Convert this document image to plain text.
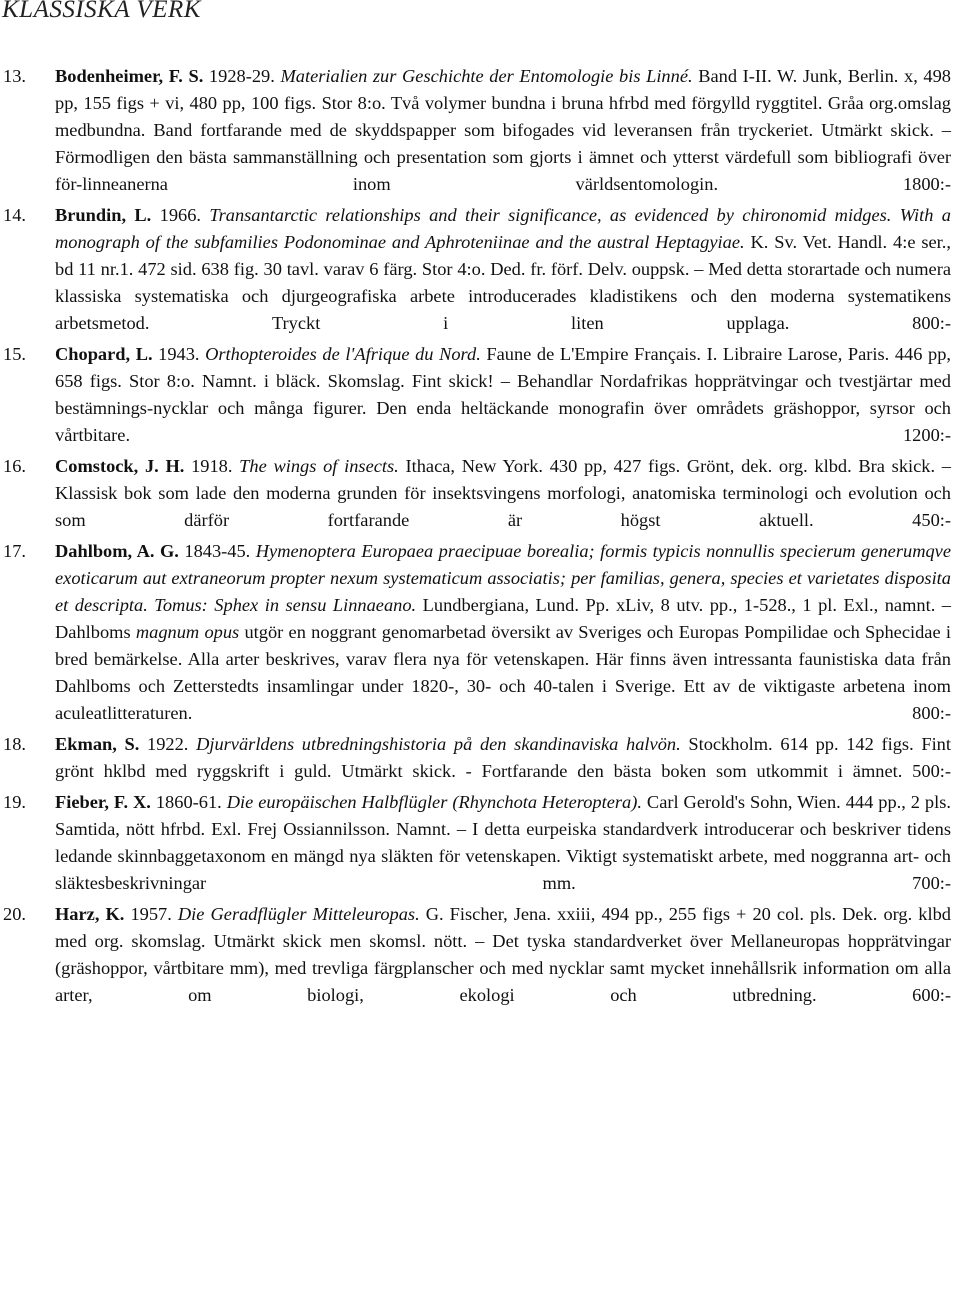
KLASSISKA VERK
13. Bodenheimer, F. S. 1928-29. Materialien zur Geschichte der Entomologie bis Linné. Band I-II. W. Junk, Berlin. x, 498 pp, 155 figs + vi, 480 pp, 100 figs. Stor 8:o. Två volymer bundna i bruna hfrbd med förgylld ryggtitel. Gråa org.omslag medbundna. Band fortfarande med de skyddspapper som bifogades vid leveransen från tryckeriet. Utmärkt skick. – Förmodligen den bästa sammanställning och presentation som gjorts i ämnet och ytterst värdefull som bibliografi över för-linneanerna inom världsentomologin.	1800:-
14. Brundin, L. 1966. Transantarctic relationships and their significance, as evidenced by chironomid midges. With a monograph of the subfamilies Podonominae and Aphroteniinae and the austral Heptagyiae. K. Sv. Vet. Handl. 4:e ser., bd 11 nr.1. 472 sid. 638 fig. 30 tavl. varav 6 färg. Stor 4:o. Ded. fr. förf. Delv. ouppsk. – Med detta storartade och numera klassiska systematiska och djurgeografiska arbete introducerades kladistikens och den moderna systematikens arbetsmetod. Tryckt i liten upplaga.	800:-
15. Chopard, L. 1943. Orthopteroides de l'Afrique du Nord. Faune de L'Empire Français. I. Libraire Larose, Paris. 446 pp, 658 figs. Stor 8:o. Namnt. i bläck. Skomslag. Fint skick! – Behandlar Nordafrikas hopprätvingar och tvestjärtar med bestämnings-nycklar och många figurer. Den enda heltäckande monografin över områdets gräshoppor, syrsor och vårtbitare.	1200:-
16. Comstock, J. H. 1918. The wings of insects. Ithaca, New York. 430 pp, 427 figs. Grönt, dek. org. klbd. Bra skick. – Klassisk bok som lade den moderna grunden för insektsvingens morfologi, anatomiska terminologi och evolution och som därför fortfarande är högst aktuell.	450:-
17. Dahlbom, A. G. 1843-45. Hymenoptera Europaea praecipuae borealia; formis typicis nonnullis specierum generumqve exoticarum aut extraneorum propter nexum systematicum associatis; per familias, genera, species et varietates disposita et descripta. Tomus: Sphex in sensu Linnaeano. Lundbergiana, Lund. Pp. xLiv, 8 utv. pp., 1-528., 1 pl. Exl., namnt. – Dahlboms magnum opus utgör en noggrant genomarbetad översikt av Sveriges och Europas Pompilidae och Sphecidae i bred bemärkelse. Alla arter beskrives, varav flera nya för vetenskapen. Här finns även intressanta faunistiska data från Dahlboms och Zetterstedts insamlingar under 1820-, 30- och 40-talen i Sverige. Ett av de viktigaste arbetena inom aculeatlitteraturen.	800:-
18. Ekman, S. 1922. Djurvärldens utbredningshistoria på den skandinaviska halvön. Stockholm. 614 pp. 142 figs. Fint grönt hklbd med ryggskrift i guld. Utmärkt skick. - Fortfarande den bästa boken som utkommit i ämnet. 500:-
19. Fieber, F. X. 1860-61. Die europäischen Halbflügler (Rhynchota Heteroptera). Carl Gerold's Sohn, Wien. 444 pp., 2 pls. Samtida, nött hfrbd. Exl. Frej Ossiannilsson. Namnt. – I detta eurpeiska standardverk introducerar och beskriver tidens ledande skinnbaggetaxonom en mängd nya släkten för vetenskapen. Viktigt systematiskt arbete, med noggranna art- och släktesbeskrivningar mm.	700:-
20. Harz, K. 1957. Die Geradflügler Mitteleuropas. G. Fischer, Jena. xxiii, 494 pp., 255 figs + 20 col. pls. Dek. org. klbd med org. skomslag. Utmärkt skick men skomsl. nött. – Det tyska standardverket över Mellaneuropas hopprätvingar (gräshoppor, vårtbitare mm), med trevliga färgplanscher och med nycklar samt mycket innehållsrik information om alla arter, om biologi, ekologi och utbredning.	600:-
